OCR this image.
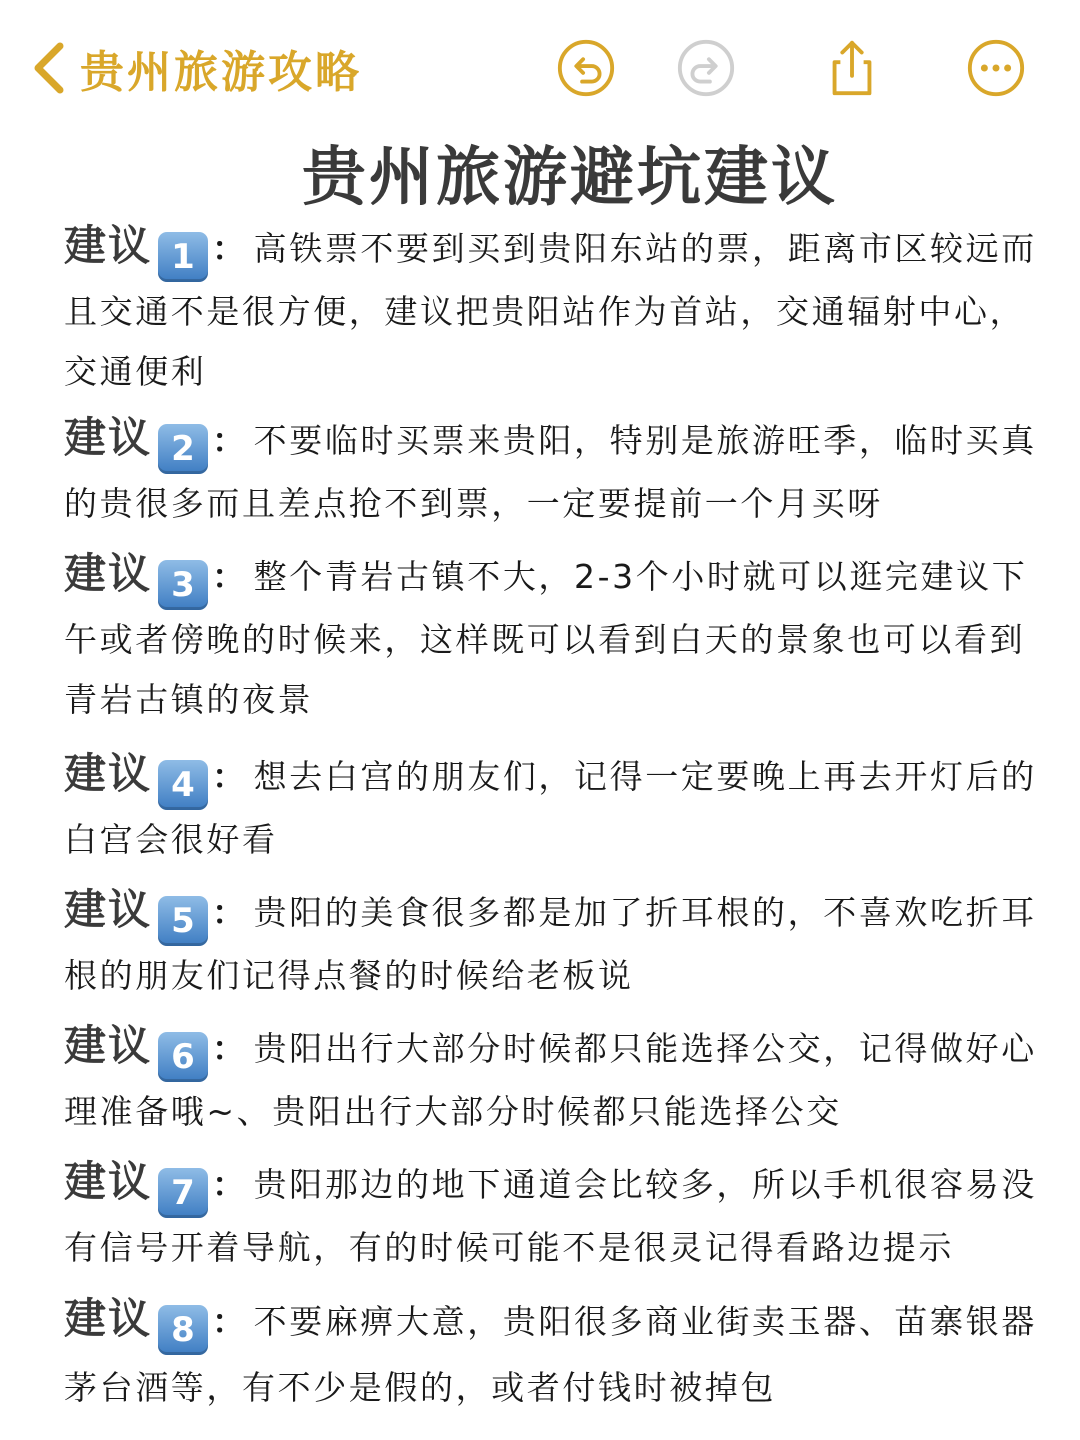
贵州旅游攻略
贵州旅游避坑建议

建议 1 ： 高铁票不要到买到贵阳东站的票，距离市区较远而且交通不是很方便，建议把贵阳站作为首站，交通辐射中心，交通便利

建议 2 ： 不要临时买票来贵阳，特别是旅游旺季，临时买真的贵很多而且差点抢不到票，一定要提前一个月买呀

建议 3 ： 整个青岩古镇不大，2-3个小时就可以逛完建议下午或者傍晚的时候来，这样既可以看到白天的景象也可以看到青岩古镇的夜景

建议 4 ： 想去白宫的朋友们，记得一定要晚上再去开灯后的白宫会很好看

建议 5 ： 贵阳的美食很多都是加了折耳根的，不喜欢吃折耳根的朋友们记得点餐的时候给老板说

建议 6 ： 贵阳出行大部分时候都只能选择公交，记得做好心理准备哦~、贵阳出行大部分时候都只能选择公交

建议 7 ： 贵阳那边的地下通道会比较多，所以手机很容易没有信号开着导航，有的时候可能不是很灵记得看路边提示

建议 8 ： 不要麻痹大意，贵阳很多商业街卖玉器、苗寨银器茅台酒等，有不少是假的，或者付钱时被掉包
